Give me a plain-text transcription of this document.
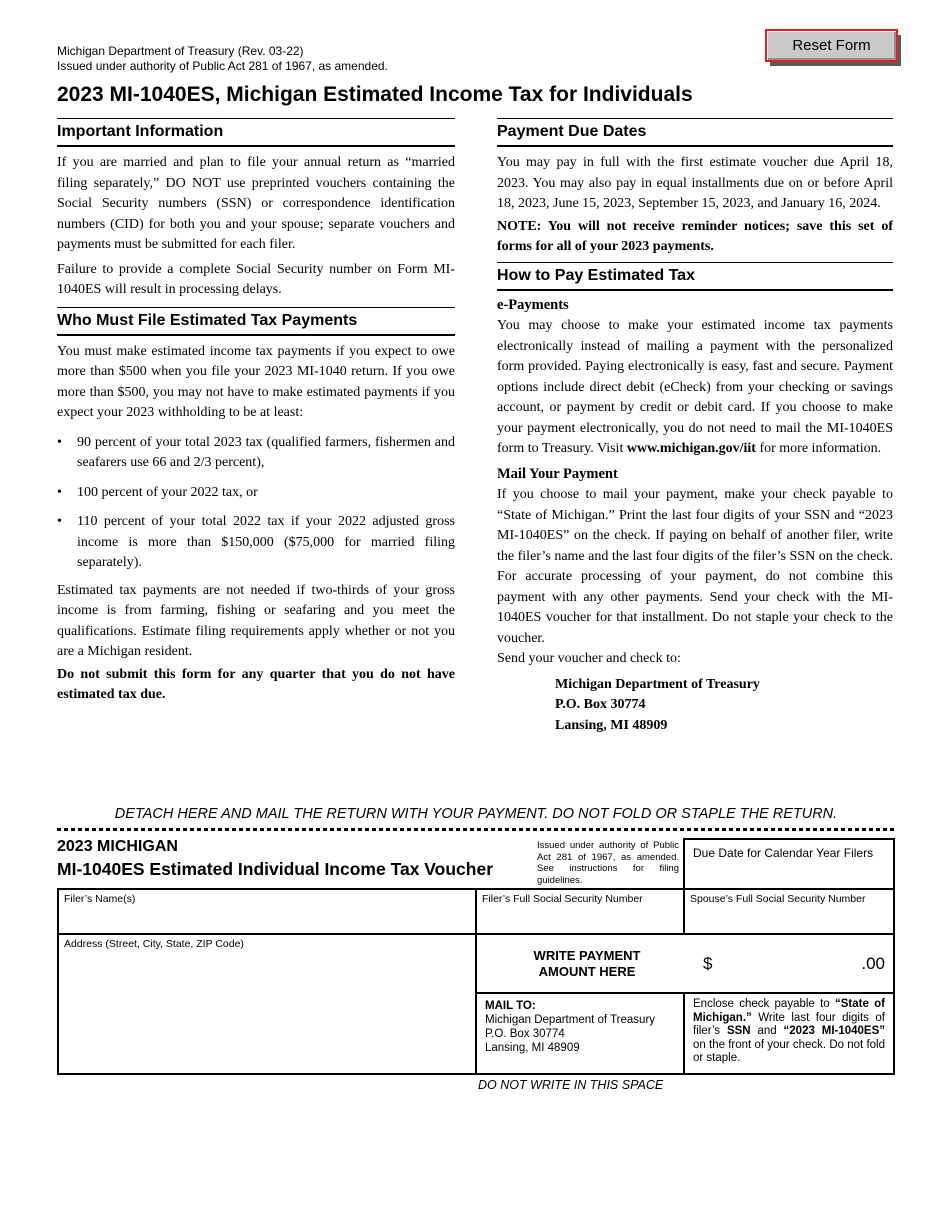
Reset Form
Michigan Department of Treasury (Rev. 03-22)
Issued under authority of Public Act 281 of 1967, as amended.
2023 MI-1040ES, Michigan Estimated Income Tax for Individuals
Important Information

If you are married and plan to file your annual return as “married filing separately,” DO NOT use preprinted vouchers containing the Social Security numbers (SSN) or correspondence identification numbers (CID) for both you and your spouse; separate vouchers and payments must be submitted for each filer.

Failure to provide a complete Social Security number on Form MI-1040ES will result in processing delays.

Who Must File Estimated Tax Payments

You must make estimated income tax payments if you expect to owe more than $500 when you file your 2023 MI-1040 return. If you owe more than $500, you may not have to make estimated payments if you expect your 2023 withholding to be at least:

•	90 percent of your total 2023 tax (qualified farmers, fishermen and seafarers use 66 and 2/3 percent),
•	100 percent of your 2022 tax, or
•	110 percent of your total 2022 tax if your 2022 adjusted gross income is more than $150,000 ($75,000 for married filing separately).

Estimated tax payments are not needed if two-thirds of your gross income is from farming, fishing or seafaring and you meet the qualifications. Estimate filing requirements apply whether or not you are a Michigan resident.

Do not submit this form for any quarter that you do not have estimated tax due.

Payment Due Dates

You may pay in full with the first estimate voucher due April 18, 2023. You may also pay in equal installments due on or before April 18, 2023, June 15, 2023, September 15, 2023, and January 16, 2024.

NOTE: You will not receive reminder notices; save this set of forms for all of your 2023 payments.

How to Pay Estimated Tax
e-Payments

You may choose to make your estimated income tax payments electronically instead of mailing a payment with the personalized form provided. Paying electronically is easy, fast and secure. Payment options include direct debit (eCheck) from your checking or savings account, or payment by credit or debit card. If you choose to make your payment electronically, you do not need to mail the MI-1040ES form to Treasury. Visit www.michigan.gov/iit for more information.

Mail Your Payment

If you choose to mail your payment, make your check payable to “State of Michigan.” Print the last four digits of your SSN and “2023 MI-1040ES” on the check. If paying on behalf of another filer, write the filer’s name and the last four digits of the filer’s SSN on the check. For accurate processing of your payment, do not combine this payment with any other payments. Send your check with the MI-1040ES voucher for that installment. Do not staple your check to the voucher.

Send your voucher and check to:

Michigan Department of Treasury
P.O. Box 30774
Lansing, MI 48909
DETACH HERE AND MAIL THE RETURN WITH YOUR PAYMENT. DO NOT FOLD OR STAPLE THE RETURN.
2023 MICHIGAN
MI-1040ES Estimated Individual Income Tax Voucher
Issued under authority of Public Act 281 of 1967, as amended. See instructions for filing guidelines.
Due Date for Calendar Year Filers
Filer’s Name(s)	Filer’s Full Social Security Number	Spouse’s Full Social Security Number
Address (Street, City, State, ZIP Code)
WRITE PAYMENT
AMOUNT HERE	$	.00
MAIL TO:
Michigan Department of Treasury
P.O. Box 30774
Lansing, MI 48909
Enclose check payable to “State of Michigan.” Write last four digits of filer’s SSN and “2023 MI-1040ES” on the front of your check. Do not fold or staple.
DO NOT WRITE IN THIS SPACE
